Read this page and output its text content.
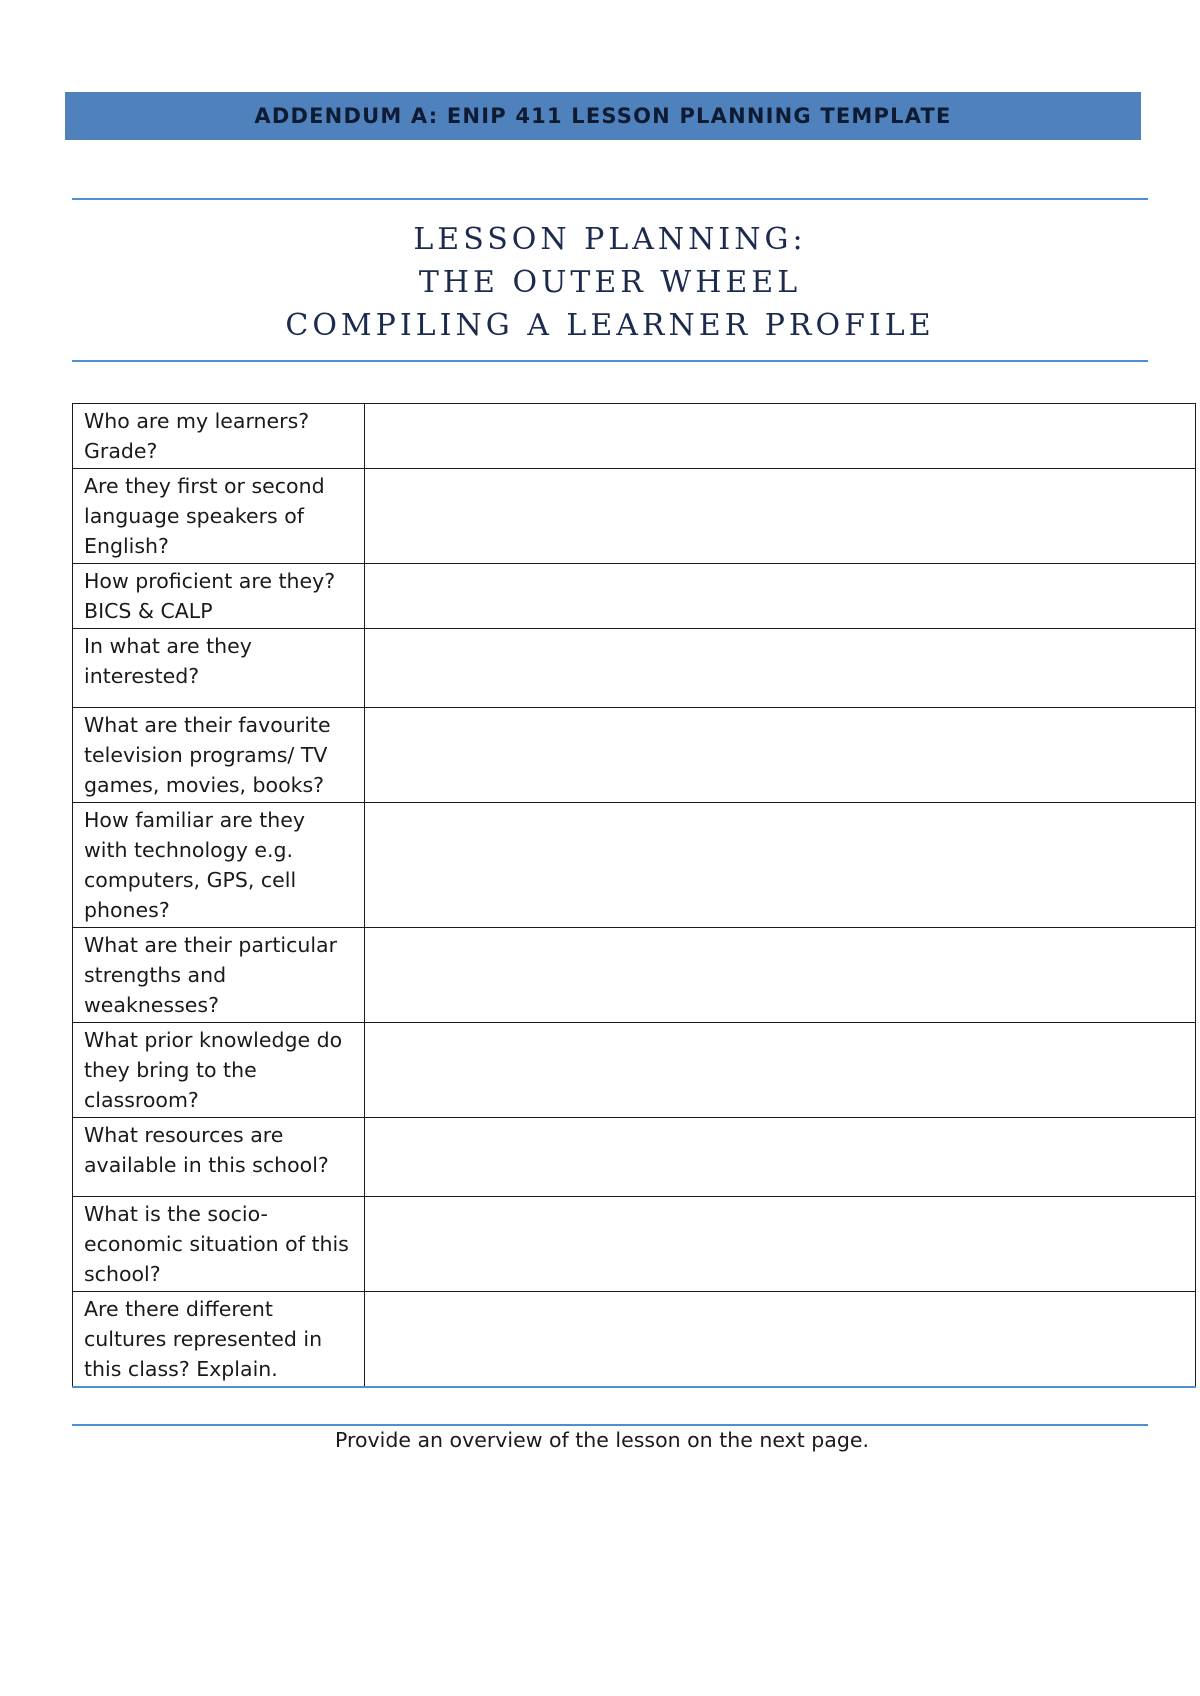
ADDENDUM A: ENIP 411 LESSON PLANNING TEMPLATE
LESSON PLANNING:
THE OUTER WHEEL
COMPILING A LEARNER PROFILE
Who are my learners? Grade?	
Are they first or second language speakers of English?	
How proficient are they? BICS & CALP	
In what are they interested?	
What are their favourite television programs/ TV games, movies, books?	
How familiar are they with technology e.g. computers, GPS, cell phones?	
What are their particular strengths and weaknesses?	
What prior knowledge do they bring to the classroom?	
What resources are available in this school?	
What is the socio-economic situation of this school?	
Are there different cultures represented in this class? Explain.	
Provide an overview of the lesson on the next page.
